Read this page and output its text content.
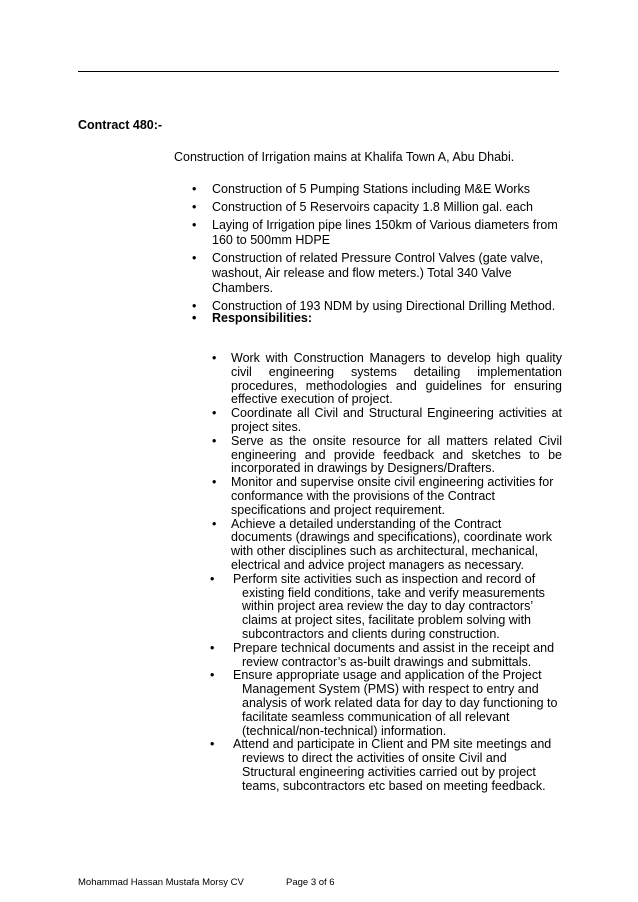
Contract 480:-
Construction of Irrigation mains at Khalifa Town A, Abu Dhabi.
• Construction of 5 Pumping Stations including M&E Works
• Construction of 5 Reservoirs capacity 1.8 Million gal. each
• Laying of Irrigation pipe lines 150km of Various diameters from 160 to 500mm HDPE
• Construction of related Pressure Control Valves (gate valve, washout, Air release and flow meters.) Total 340 Valve Chambers.
• Construction of 193 NDM by using Directional Drilling Method.
• Responsibilities:
• Work with Construction Managers to develop high quality civil engineering systems detailing implementation procedures, methodologies and guidelines for ensuring effective execution of project.
• Coordinate all Civil and Structural Engineering activities at project sites.
• Serve as the onsite resource for all matters related Civil engineering and provide feedback and sketches to be incorporated in drawings by Designers/Drafters.
• Monitor and supervise onsite civil engineering activities for conformance with the provisions of the Contract specifications and project requirement.
• Achieve a detailed understanding of the Contract documents (drawings and specifications), coordinate work with other disciplines such as architectural, mechanical, electrical and advice project managers as necessary.
•	Perform site activities such as inspection and record of existing field conditions, take and verify measurements within project area review the day to day contractors’ claims at project sites, facilitate problem solving with subcontractors and clients during construction.
•	Prepare technical documents and assist in the receipt and review contractor’s as-built drawings and submittals.
•	Ensure appropriate usage and application of the Project Management System (PMS) with respect to entry and analysis of work related data for day to day functioning to facilitate seamless communication of all relevant (technical/non-technical) information.
•	Attend and participate in Client and PM site meetings and reviews to direct the activities of onsite Civil and Structural engineering activities carried out by project teams, subcontractors etc based on meeting feedback.
Mohammad Hassan Mustafa Morsy CV	Page 3 of 6
